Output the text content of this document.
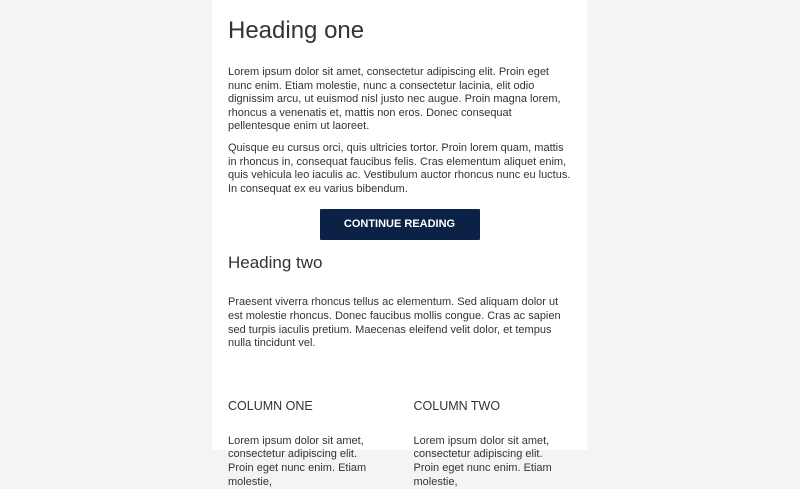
Heading one

Lorem ipsum dolor sit amet, consectetur adipiscing elit. Proin eget nunc enim. Etiam molestie, nunc a consectetur lacinia, elit odio dignissim arcu, ut euismod nisl justo nec augue. Proin magna lorem, rhoncus a venenatis et, mattis non eros. Donec consequat pellentesque enim ut laoreet.

Quisque eu cursus orci, quis ultricies tortor. Proin lorem quam, mattis in rhoncus in, consequat faucibus felis. Cras elementum aliquet enim, quis vehicula leo iaculis ac. Vestibulum auctor rhoncus nunc eu luctus. In consequat ex eu varius bibendum.

CONTINUE READING
Heading two

Praesent viverra rhoncus tellus ac elementum. Sed aliquam dolor ut est molestie rhoncus. Donec faucibus mollis congue. Cras ac sapien sed turpis iaculis pretium. Maecenas eleifend velit dolor, et tempus nulla tincidunt vel.

COLUMN ONE

Lorem ipsum dolor sit amet, consectetur adipiscing elit. Proin eget nunc enim. Etiam molestie,

COLUMN TWO

Lorem ipsum dolor sit amet, consectetur adipiscing elit. Proin eget nunc enim. Etiam molestie,
